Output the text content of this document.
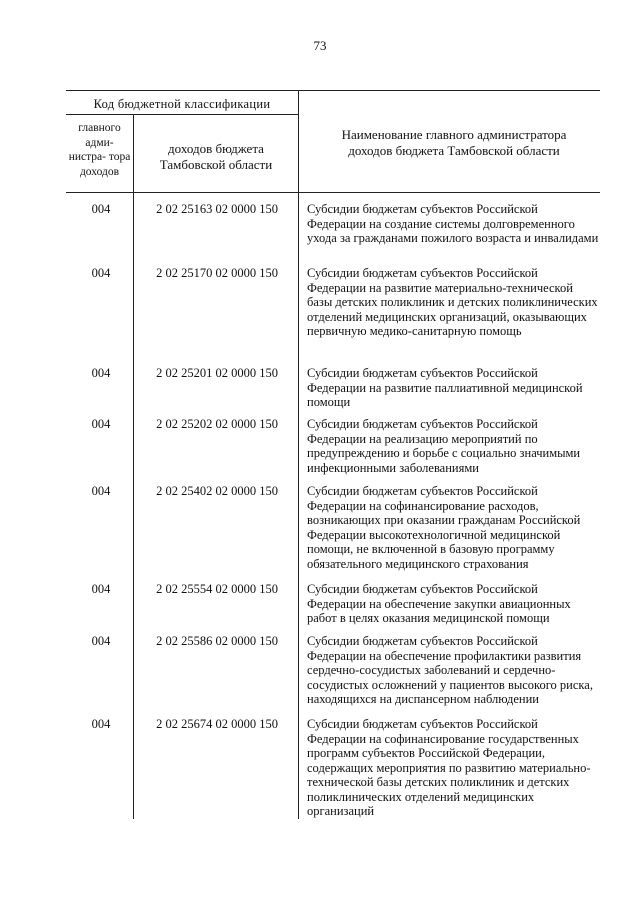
73
Код бюджетной классификации
главного адми- нистра- тора доходов
доходов бюджета Тамбовской области
Наименование главного администратора доходов бюджета Тамбовской области
004	2 02 25163 02 0000 150	Субсидии бюджетам субъектов Российской Федерации на создание системы долговременного ухода за гражданами пожилого возраста и инвалидами
004	2 02 25170 02 0000 150	Субсидии бюджетам субъектов Российской Федерации на развитие материально-технической базы детских поликлиник и детских поликлинических отделений медицинских организаций, оказывающих первичную медико-санитарную помощь
004	2 02 25201 02 0000 150	Субсидии бюджетам субъектов Российской Федерации на развитие паллиативной медицинской помощи
004	2 02 25202 02 0000 150	Субсидии бюджетам субъектов Российской Федерации на реализацию мероприятий по предупреждению и борьбе с социально значимыми инфекционными заболеваниями
004	2 02 25402 02 0000 150	Субсидии бюджетам субъектов Российской Федерации на софинансирование расходов, возникающих при оказании гражданам Российской Федерации высокотехнологичной медицинской помощи, не включенной в базовую программу обязательного медицинского страхования
004	2 02 25554 02 0000 150	Субсидии бюджетам субъектов Российской Федерации на обеспечение закупки авиационных работ в целях оказания медицинской помощи
004	2 02 25586 02 0000 150	Субсидии бюджетам субъектов Российской Федерации на обеспечение профилактики развития сердечно-сосудистых заболеваний и сердечно-сосудистых осложнений у пациентов высокого риска, находящихся на диспансерном наблюдении
004	2 02 25674 02 0000 150	Субсидии бюджетам субъектов Российской Федерации на софинансирование государственных программ субъектов Российской Федерации, содержащих мероприятия по развитию материально-технической базы детских поликлиник и детских поликлинических отделений медицинских организаций
